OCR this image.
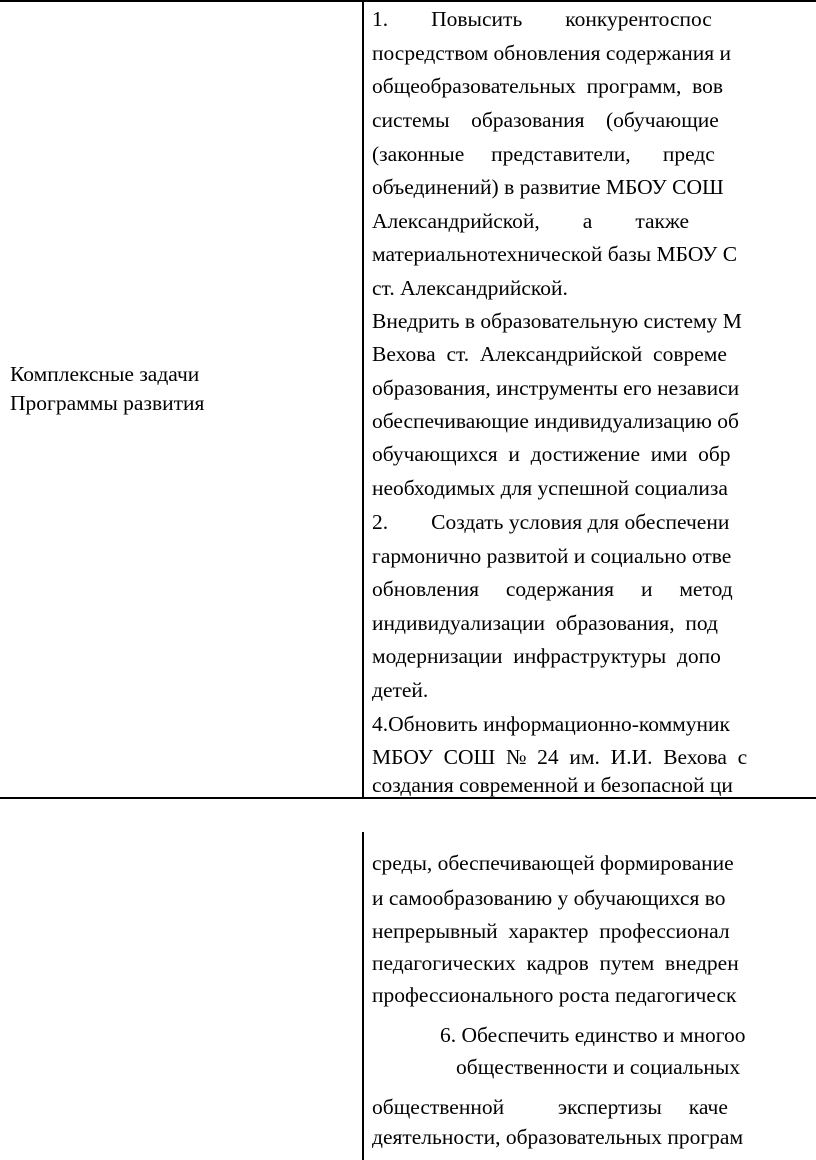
Комплексные задачи
Программы развития
1.        Повысить        конкурентоспос
посредством обновления содержания и
общеобразовательных  программ,  вов
системы    образования    (обучающие
(законные     представители,      предс
объединений) в развитие МБОУ СОШ
Александрийской,        а        также
материальнотехнической базы МБОУ С
ст. Александрийской.
Внедрить в образовательную систему М
Вехова  ст.  Александрийской  совреме
образования, инструменты его независи
обеспечивающие индивидуализацию об
обучающихся  и  достижение  ими  обр
необходимых для успешной социализа
2.        Создать условия для обеспечени
гармонично развитой и социально отве
обновления     содержания     и     метод
индивидуализации  образования,  под
модернизации  инфраструктуры  допо
детей.
4.Обновить информационно-коммуник
МБОУ  СОШ  №  24  им.  И.И.  Вехова  с
создания современной и безопасной ци
среды, обеспечивающей формирование
и самообразованию у обучающихся во
непрерывный  характер  профессионал
педагогических  кадров  путем  внедрен
профессионального роста педагогическ
6. Обеспечить единство и многоо
общественности и социальных
общественной          экспертизы     каче
деятельности, образовательных програм
